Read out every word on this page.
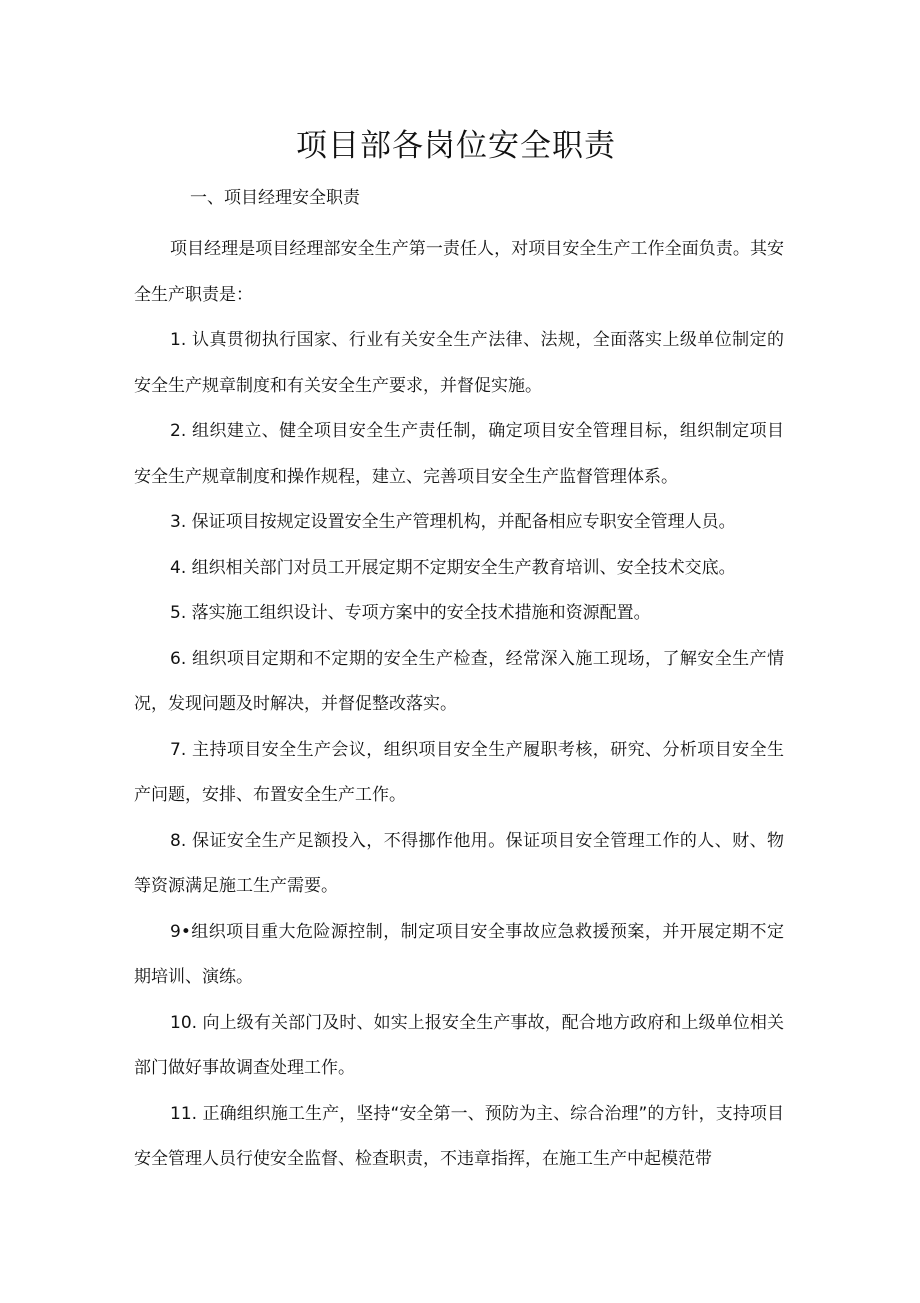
项目部各岗位安全职责
一、项目经理安全职责

项目经理是项目经理部安全生产第一责任人，对项目安全生产工作全面负责。其安全生产职责是：

1. 认真贯彻执行国家、行业有关安全生产法律、法规，全面落实上级单位制定的安全生产规章制度和有关安全生产要求，并督促实施。

2. 组织建立、健全项目安全生产责任制，确定项目安全管理目标，组织制定项目安全生产规章制度和操作规程，建立、完善项目安全生产监督管理体系。

3. 保证项目按规定设置安全生产管理机构，并配备相应专职安全管理人员。

4. 组织相关部门对员工开展定期不定期安全生产教育培训、安全技术交底。

5. 落实施工组织设计、专项方案中的安全技术措施和资源配置。

6. 组织项目定期和不定期的安全生产检查，经常深入施工现场，了解安全生产情况，发现问题及时解决，并督促整改落实。

7. 主持项目安全生产会议，组织项目安全生产履职考核，研究、分析项目安全生产问题，安排、布置安全生产工作。

8. 保证安全生产足额投入，不得挪作他用。保证项目安全管理工作的人、财、物等资源满足施工生产需要。

9•组织项目重大危险源控制，制定项目安全事故应急救援预案，并开展定期不定期培训、演练。

10. 向上级有关部门及时、如实上报安全生产事故，配合地方政府和上级单位相关部门做好事故调查处理工作。

11. 正确组织施工生产，坚持“安全第一、预防为主、综合治理”的方针，支持项目安全管理人员行使安全监督、检查职责，不违章指挥，在施工生产中起模范带
